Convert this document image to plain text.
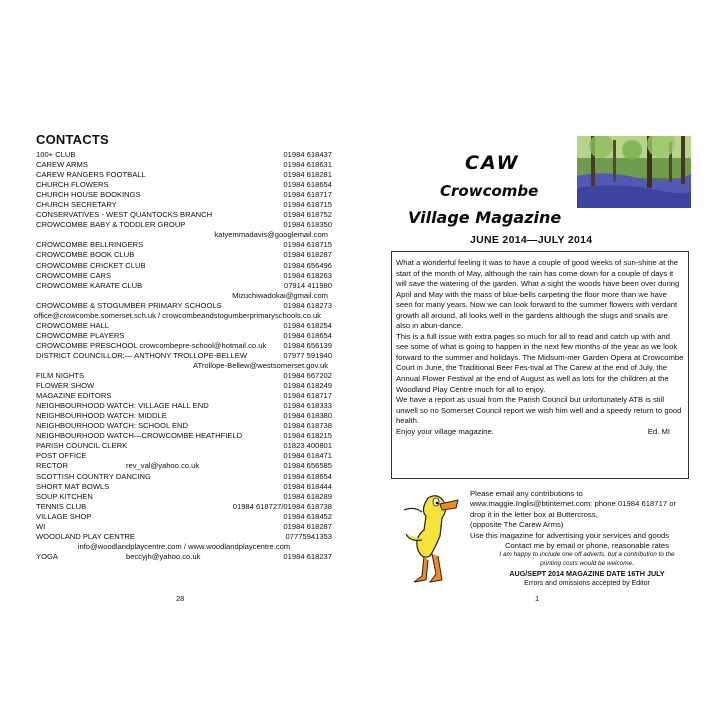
CONTACTS
100+ CLUB	01984 618437
CAREW ARMS	01984 618631
CAREW RANGERS FOOTBALL	01984 618281
CHURCH FLOWERS	01984 618654
CHURCH HOUSE BOOKINGS	01984 618717
CHURCH SECRETARY	01984 618715
CONSERVATIVES - WEST QUANTOCKS BRANCH	01984 618752
CROWCOMBE BABY & TODDLER GROUP	01984 618350
katyemmadavis@googlemail.com
CROWCOMBE BELLRINGERS	01984 618715
CROWCOMBE BOOK CLUB	01984 618287
CROWCOMBE CRICKET CLUB	01984 656496
CROWCOMBE CARS	01984 618263
CROWCOMBE KARATE CLUB	07914 411980
Mizuchiwadokai@gmail.com
CROWCOMBE & STOGUMBER PRIMARY SCHOOLS	01984 618273
office@crowcombe.somerset.sch.uk / crowcombeandstogumberprimaryschools.co.uk
CROWCOMBE HALL	01984 618254
CROWCOMBE PLAYERS	01984 618654
CROWCOMBE PRESCHOOL crowcombepre-school@hotmail.co.uk 01984 656139
DISTRICT COUNCILLOR;— ANTHONY TROLLOPE-BELLEW	07977 591940
ATrollope-Bellew@westsomerset.gov.uk
FILM NIGHTS	01984 667202
FLOWER SHOW	01984 618249
MAGAZINE EDITORS	01984 618717
NEIGHBOURHOOD WATCH: VILLAGE HALL END	01984 618333
NEIGHBOURHOOD WATCH: MIDDLE	01984 618380
NEIGHBOURHOOD WATCH: SCHOOL END	01984 618738
NEIGHBOURHOOD WATCH—CROWCOMBE HEATHFIELD	01984 618215
PARISH COUNCIL CLERK	01823 400801
POST OFFICE	01984 618471
RECTOR	rev_val@yahoo.co.uk	01984 656585
SCOTTISH COUNTRY DANCING	01984 618654
SHORT MAT BOWLS	01984 618444
SOUP KITCHEN	01984 618289
TENNIS CLUB	01984 618727/01984 618738
VILLAGE SHOP	01984 618452
WI	01984 618287
WOODLAND PLAY CENTRE	07775941353
info@woodlandplaycentre.com / www.woodlandplaycentre.com
YOGA	beccyjh@yahoo.co.uk	01984 618237
28
CAW
Crowcombe
Village Magazine
JUNE 2014—JULY 2014

What a wonderful feeling it was to have a couple of good weeks of sun-shine at the start of the month of May, although the rain has come down for a couple of days it will save the watering of the garden. What a sight the woods have been over during April and May with the mass of blue-bells carpeting the floor more than we have seen for many years. Now we can look forward to the summer flowers with verdant growth all around, all looks well in the gardens although the slugs and snails are also in abun-dance.

This is a full issue with extra pages so much for all to read and catch up with and see some of what is going to happen in the next few months of the year as we look forward to the summer and holidays. The Midsum-mer Garden Opera at Crowcombe Court in June, the Traditional Beer Fes-tival at The Carew at the end of July, the Annual Flower Festival at the end of August as well as lots for the children at the Woodland Play Centre much for all to enjoy.

We have a report as usual from the Parish Council but unfortunately ATB is still unwell so no Somerset Council report we wish him well and a speedy return to good health.

Enjoy your village magazine.	Ed. MI
Please email any contributions to
www.maggie.Inglis@btinternet.com: phone 01984 618717 or
drop it in the letter box at Buttercross,
(opposite The Carew Arms)
Use this magazine for advertising your services and goods
Contact me by email or phone, reasonable rates
I am happy to include one off adverts, but a contribution to the
printing costs would be welcome.
AUG/SEPT 2014 MAGAZINE DATE 16TH JULY
Errors and omissions accepted by Editor
1
